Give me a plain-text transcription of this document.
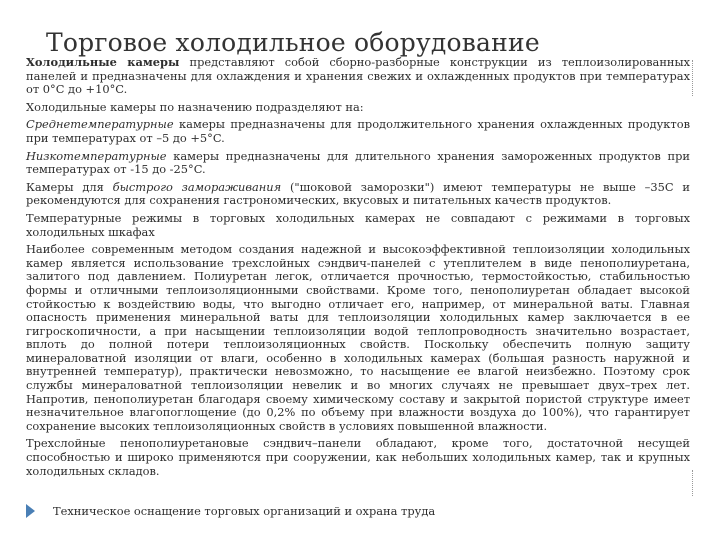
Торговое холодильное оборудование

Холодильные камеры представляют собой сборно-разборные конструкции из теплоизолированных панелей и предназначены для охлаждения и хранения свежих и охлажденных продуктов при температурах от 0°C до +10°C.

Холодильные камеры по назначению подразделяют на:

Среднетемпературные камеры предназначены для продолжительного хранения охлажденных продуктов при температурах от –5 до +5°C.

Низкотемпературные камеры предназначены для длительного хранения замороженных продуктов при температурах от -15 до -25°C.

Камеры для быстрого замораживания ("шоковой заморозки") имеют температуры не выше –35С и рекомендуются для сохранения гастрономических, вкусовых и питательных качеств продуктов.

Температурные режимы в торговых холодильных камерах не совпадают с режимами в торговых холодильных шкафах

Наиболее современным методом создания надежной и высокоэффективной теплоизоляции холодильных камер является использование трехслойных сэндвич-панелей с утеплителем в виде пенополиуретана, залитого под давлением. Полиуретан легок, отличается прочностью, термостойкостью, стабильностью формы и отличными теплоизоляционными свойствами. Кроме того, пенополиуретан обладает высокой стойкостью к воздействию воды, что выгодно отличает его, например, от минеральной ваты. Главная опасность применения минеральной ваты для теплоизоляции холодильных камер заключается в ее гигроскопичности, а при насыщении теплоизоляции водой теплопроводность значительно возрастает, вплоть до полной потери теплоизоляционных свойств. Поскольку обеспечить полную защиту минераловатной изоляции от влаги, особенно в холодильных камерах (большая разность наружной и внутренней температур), практически невозможно, то насыщение ее влагой неизбежно. Поэтому срок службы минераловатной теплоизоляции невелик и во многих случаях не превышает двух–трех лет. Напротив, пенополиуретан благодаря своему химическому составу и закрытой пористой структуре имеет незначительное влагопоглощение (до 0,2% по объему при влажности воздуха до 100%), что гарантирует сохранение высоких теплоизоляционных свойств в условиях повышенной влажности.

Трехслойные пенополиуретановые сэндвич–панели обладают, кроме того, достаточной несущей способностью и широко применяются при сооружении, как небольших холодильных камер, так и крупных холодильных складов.

Техническое оснащение торговых организаций и охрана труда
